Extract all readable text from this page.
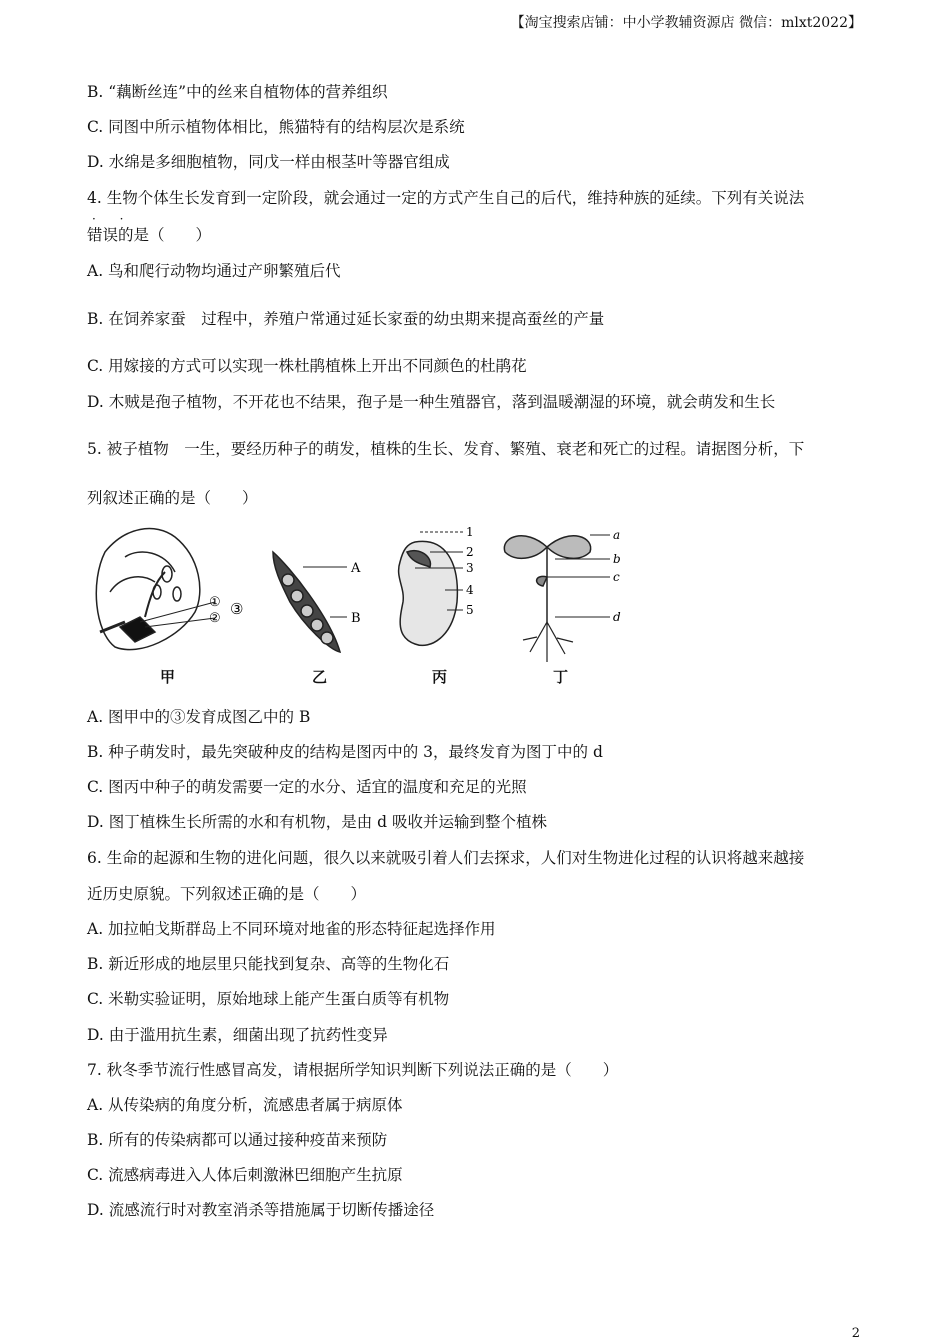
【淘宝搜索店铺：中小学教辅资源店 微信：mlxt2022】
B. “藕断丝连”中的丝来自植物体的营养组织
C. 同图中所示植物体相比，熊猫特有的结构层次是系统
D. 水绵是多细胞植物，同戊一样由根茎叶等器官组成
4. 生物个体生长发育到一定阶段，就会通过一定的方式产生自己的后代，维持种族的延续。下列有关说法
· ·
错误的是（　　）
A. 鸟和爬行动物均通过产卵繁殖后代
B. 在饲养家蚕　过程中，养殖户常通过延长家蚕的幼虫期来提高蚕丝的产量
C. 用嫁接的方式可以实现一株杜鹃植株上开出不同颜色的杜鹃花
D. 木贼是孢子植物，不开花也不结果，孢子是一种生殖器官，落到温暖潮湿的环境，就会萌发和生长
5. 被子植物　一生，要经历种子的萌发，植株的生长、发育、繁殖、衰老和死亡的过程。请据图分析，下
列叙述正确的是（　　）
①
②
③
A
B
1
2
3
4
5
a
b
c
d
甲	乙	丙	丁
A. 图甲中的③发育成图乙中的 B
B. 种子萌发时，最先突破种皮的结构是图丙中的 3，最终发育为图丁中的 d
C. 图丙中种子的萌发需要一定的水分、适宜的温度和充足的光照
D. 图丁植株生长所需的水和有机物，是由 d 吸收并运输到整个植株
6. 生命的起源和生物的进化问题，很久以来就吸引着人们去探求，人们对生物进化过程的认识将越来越接
近历史原貌。下列叙述正确的是（　　）
A. 加拉帕戈斯群岛上不同环境对地雀的形态特征起选择作用
B. 新近形成的地层里只能找到复杂、高等的生物化石
C. 米勒实验证明，原始地球上能产生蛋白质等有机物
D. 由于滥用抗生素，细菌出现了抗药性变异
7. 秋冬季节流行性感冒高发，请根据所学知识判断下列说法正确的是（　　）
A. 从传染病的角度分析，流感患者属于病原体
B. 所有的传染病都可以通过接种疫苗来预防
C. 流感病毒进入人体后刺激淋巴细胞产生抗原
D. 流感流行时对教室消杀等措施属于切断传播途径
2
